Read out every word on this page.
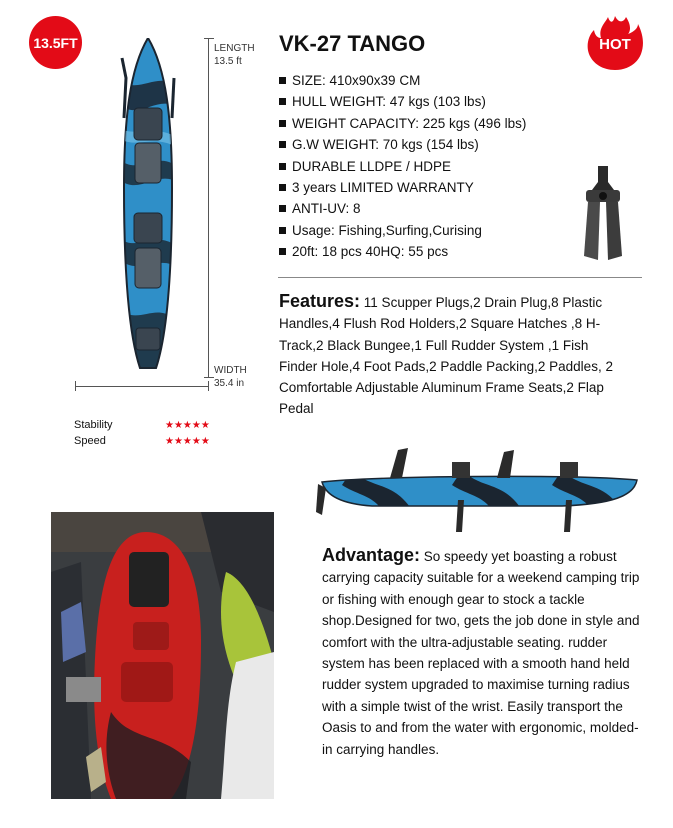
13.5FT	HOT
LENGTH
13.5 ft
WIDTH
35.4 in
Stability	★★★★★
Speed	★★★★★
VK-27 TANGO
SIZE: 410x90x39 CM
HULL WEIGHT: 47 kgs (103 lbs)
WEIGHT CAPACITY: 225 kgs (496 lbs)
G.W WEIGHT: 70 kgs (154 lbs)
DURABLE LLDPE / HDPE
3 years LIMITED WARRANTY
ANTI-UV: 8
Usage: Fishing,Surfing,Curising
20ft: 18 pcs 40HQ: 55 pcs
Features: 11 Scupper Plugs,2 Drain Plug,8 Plastic Handles,4 Flush Rod Holders,2 Square Hatches ,8 H-Track,2 Black Bungee,1 Full Rudder System ,1 Fish Finder Hole,4 Foot Pads,2 Paddle Packing,2 Paddles, 2 Comfortable Adjustable Aluminum Frame Seats,2 Flap Pedal
Advantage: So speedy yet boasting a robust carrying capacity suitable for a weekend camping trip or fishing with enough gear to stock a tackle shop.Designed for two, gets the job done in style and comfort with the ultra-adjustable seating. rudder system has been replaced with a smooth hand held rudder system upgraded to maximise turning radius with a simple twist of the wrist. Easily transport the Oasis to and from the water with ergonomic, molded-in carrying handles.
